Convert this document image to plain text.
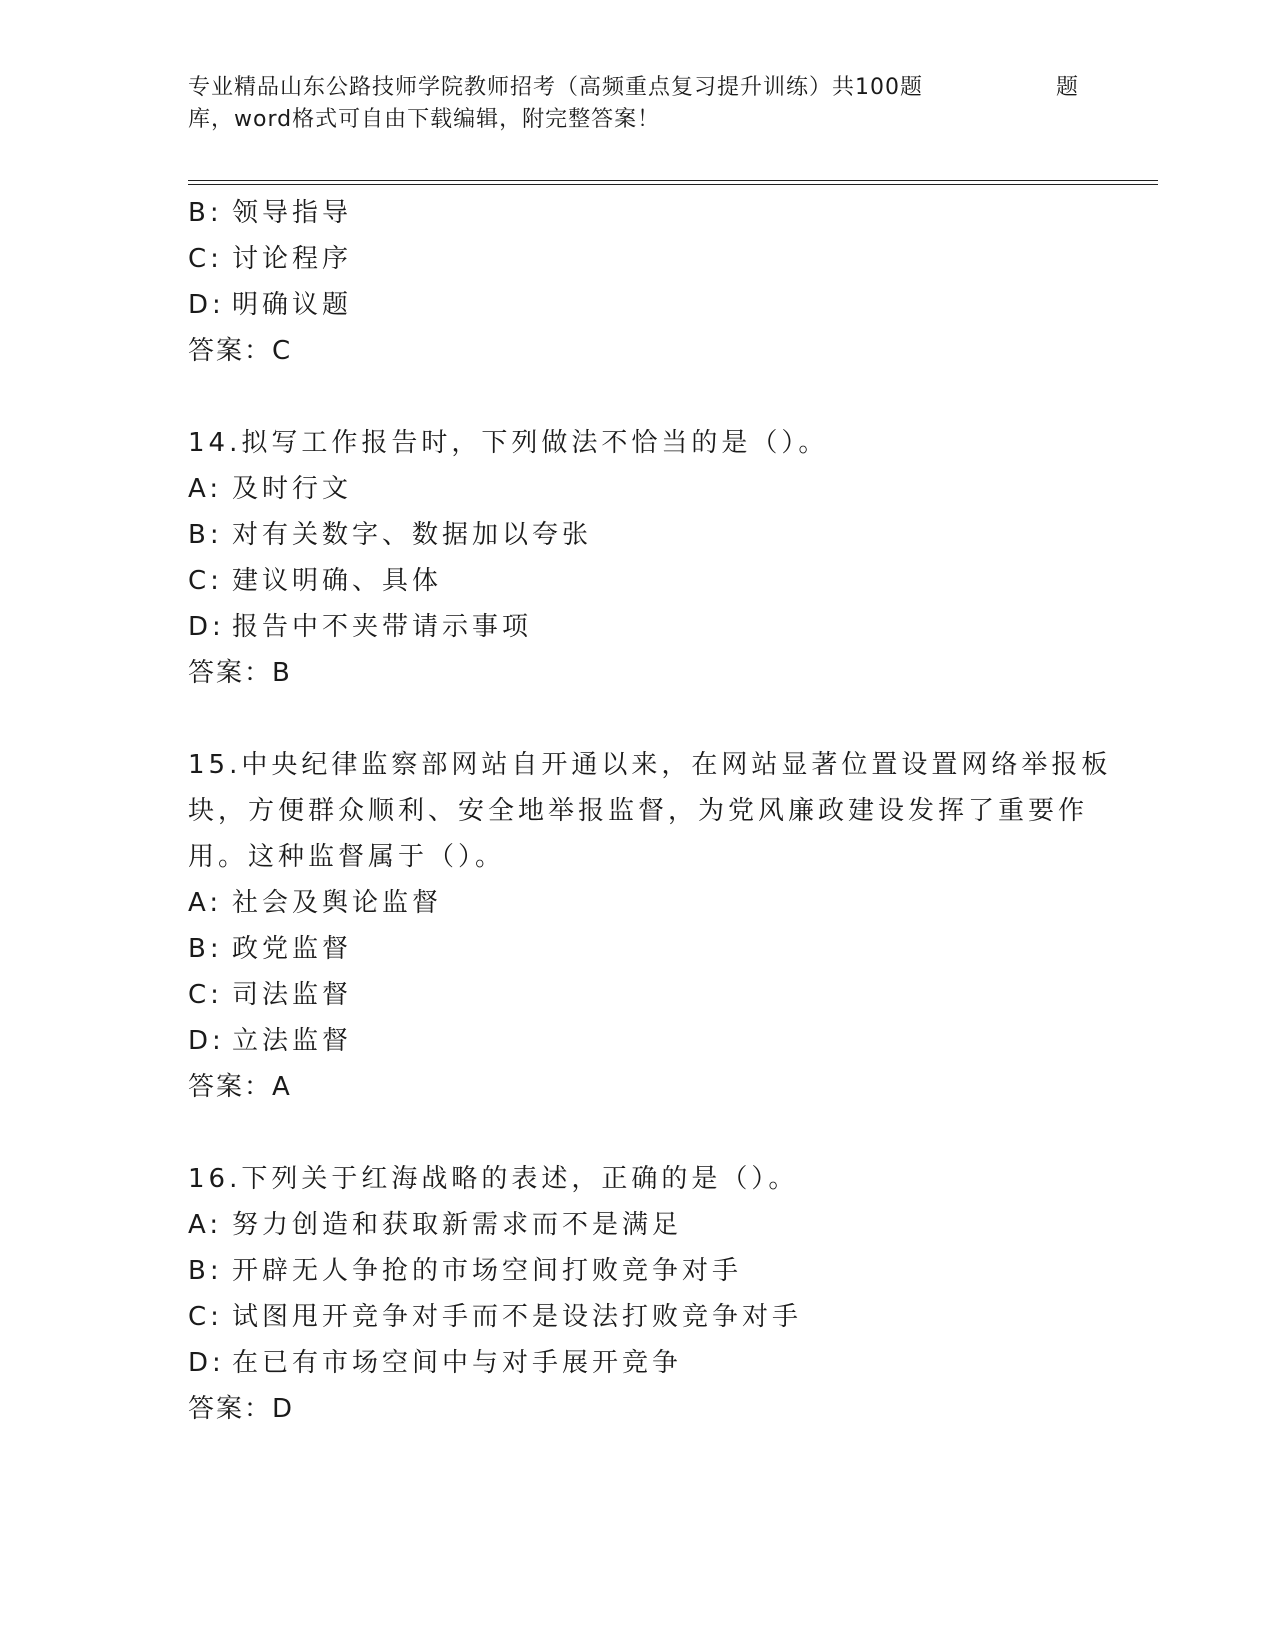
专业精品山东公路技师学院教师招考（高频重点复习提升训练）共100题	题
库，word格式可自由下载编辑，附完整答案！
B: 领导指导
C: 讨论程序
D: 明确议题
答案：C
14.拟写工作报告时，下列做法不恰当的是（）。
A: 及时行文
B: 对有关数字、数据加以夸张
C: 建议明确、具体
D: 报告中不夹带请示事项
答案：B
15.中央纪律监察部网站自开通以来，在网站显著位置设置网络举报板
块，方便群众顺利、安全地举报监督，为党风廉政建设发挥了重要作
用。这种监督属于（）。
A: 社会及舆论监督
B: 政党监督
C: 司法监督
D: 立法监督
答案：A
16.下列关于红海战略的表述，正确的是（）。
A: 努力创造和获取新需求而不是满足
B: 开辟无人争抢的市场空间打败竞争对手
C: 试图甩开竞争对手而不是设法打败竞争对手
D: 在已有市场空间中与对手展开竞争
答案：D
